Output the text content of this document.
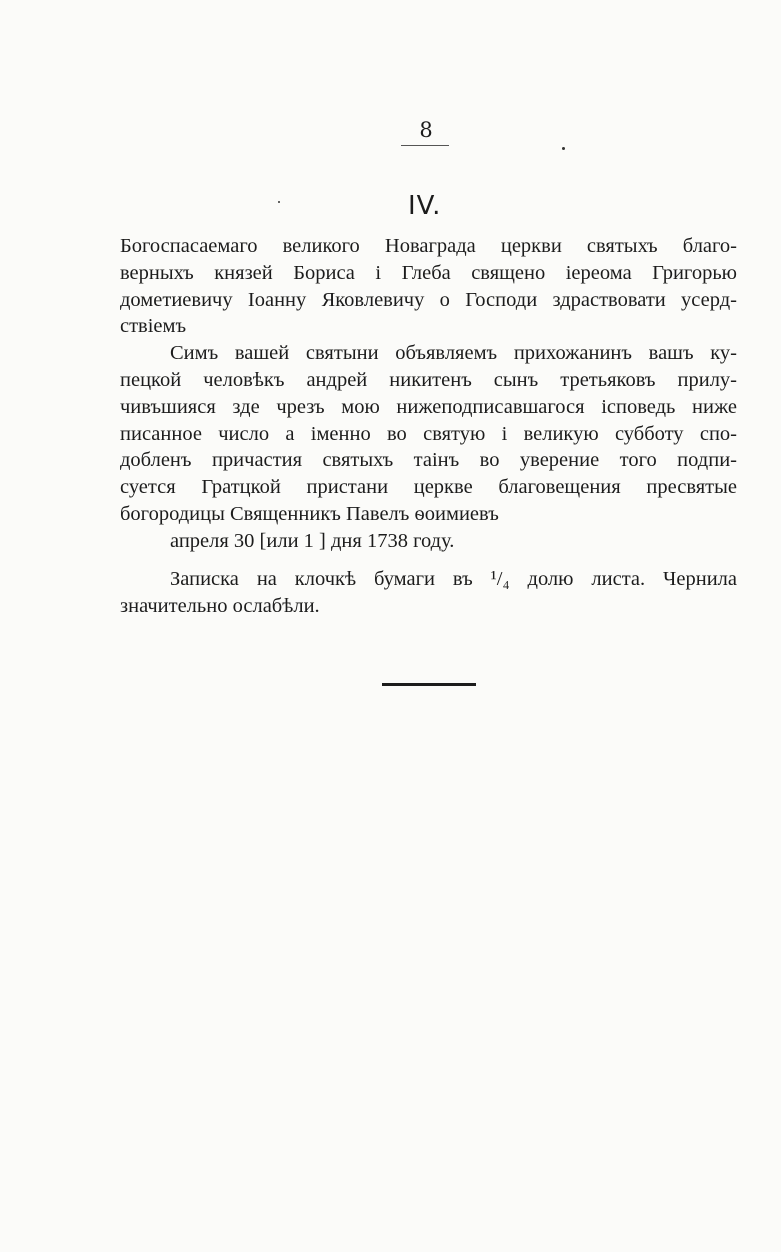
8
IV.
Богоспасаемаго великого Новаграда церкви святыхъ благо-
верныхъ князей Бориса і Глеба священо іереома Григорью
дометиевичу Іоанну Яковлевичу о Господи здраствовати усерд-
ствіемъ
Симъ вашей святыни объявляемъ прихожанинъ вашъ ку-
пецкой человѣкъ андрей никитенъ сынъ третьяковъ прилу-
чивъшияся зде чрезъ мою нижеподписавшагося ісповедь ниже
писанное число а іменно во святую і великую субботу спо-
добленъ причастия святыхъ таінъ во уверение того подпи-
суется Гратцкой пристани церкве благовещения пресвятые
богородицы Священникъ Павелъ ѳоимиевъ
апреля 30 [или 1 ] дня 1738 году.
Записка на клочкѣ бумаги въ ¹/₄ долю листа. Чернила
значительно ослабѣли.
